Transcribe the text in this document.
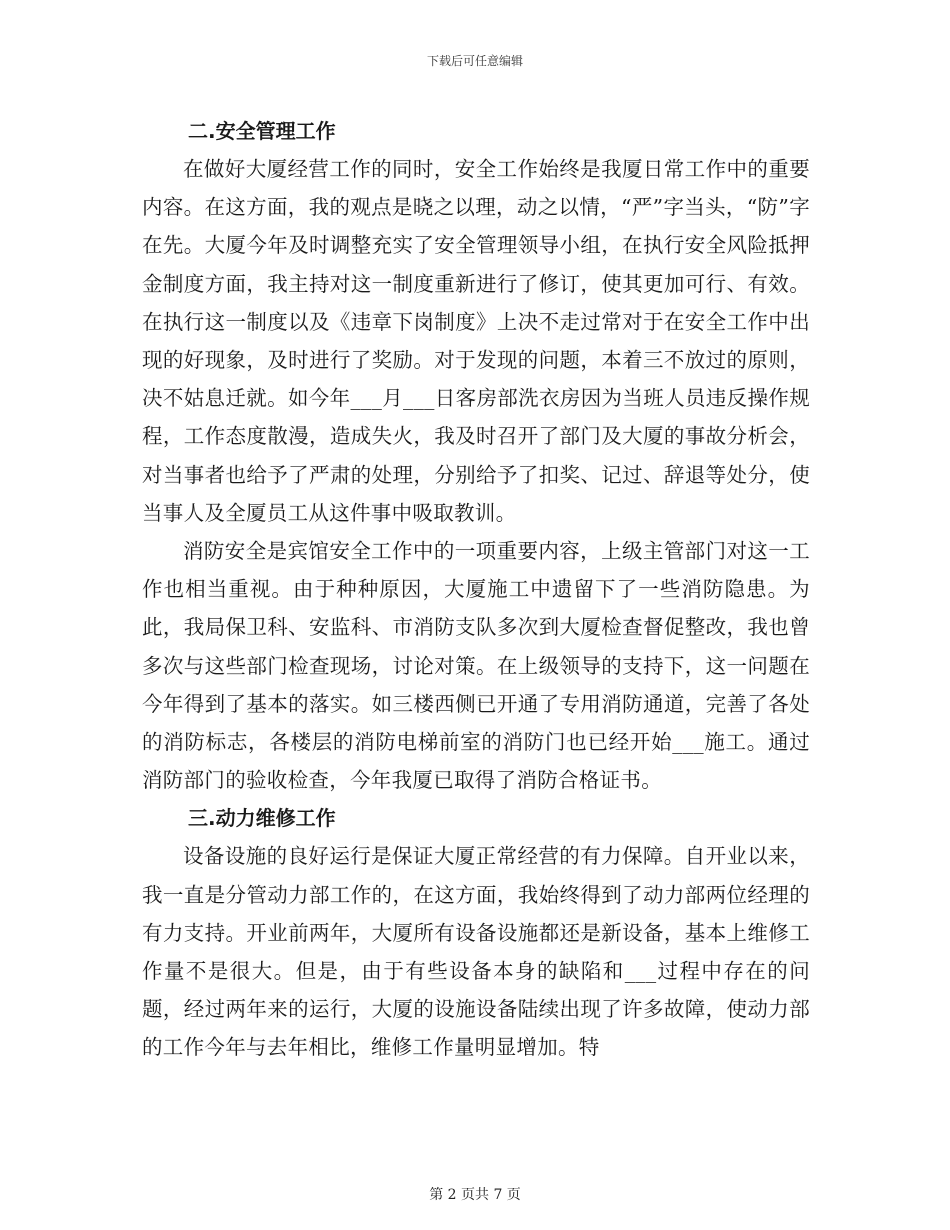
下载后可任意编辑
二.安全管理工作

在做好大厦经营工作的同时，安全工作始终是我厦日常工作中的重要内容。在这方面，我的观点是晓之以理，动之以情，“严”字当头，“防”字在先。大厦今年及时调整充实了安全管理领导小组，在执行安全风险抵押金制度方面，我主持对这一制度重新进行了修订，使其更加可行、有效。在执行这一制度以及《违章下岗制度》上决不走过常对于在安全工作中出现的好现象，及时进行了奖励。对于发现的问题，本着三不放过的原则，决不姑息迁就。如今年___月___日客房部洗衣房因为当班人员违反操作规程，工作态度散漫，造成失火，我及时召开了部门及大厦的事故分析会，对当事者也给予了严肃的处理，分别给予了扣奖、记过、辞退等处分，使当事人及全厦员工从这件事中吸取教训。

消防安全是宾馆安全工作中的一项重要内容，上级主管部门对这一工作也相当重视。由于种种原因，大厦施工中遗留下了一些消防隐患。为此，我局保卫科、安监科、市消防支队多次到大厦检查督促整改，我也曾多次与这些部门检查现场，讨论对策。在上级领导的支持下，这一问题在今年得到了基本的落实。如三楼西侧已开通了专用消防通道，完善了各处的消防标志，各楼层的消防电梯前室的消防门也已经开始___施工。通过消防部门的验收检查，今年我厦已取得了消防合格证书。

三.动力维修工作

设备设施的良好运行是保证大厦正常经营的有力保障。自开业以来，我一直是分管动力部工作的，在这方面，我始终得到了动力部两位经理的有力支持。开业前两年，大厦所有设备设施都还是新设备，基本上维修工作量不是很大。但是，由于有些设备本身的缺陷和___过程中存在的问题，经过两年来的运行，大厦的设施设备陆续出现了许多故障，使动力部的工作今年与去年相比，维修工作量明显增加。特

第 2 页共 7 页
